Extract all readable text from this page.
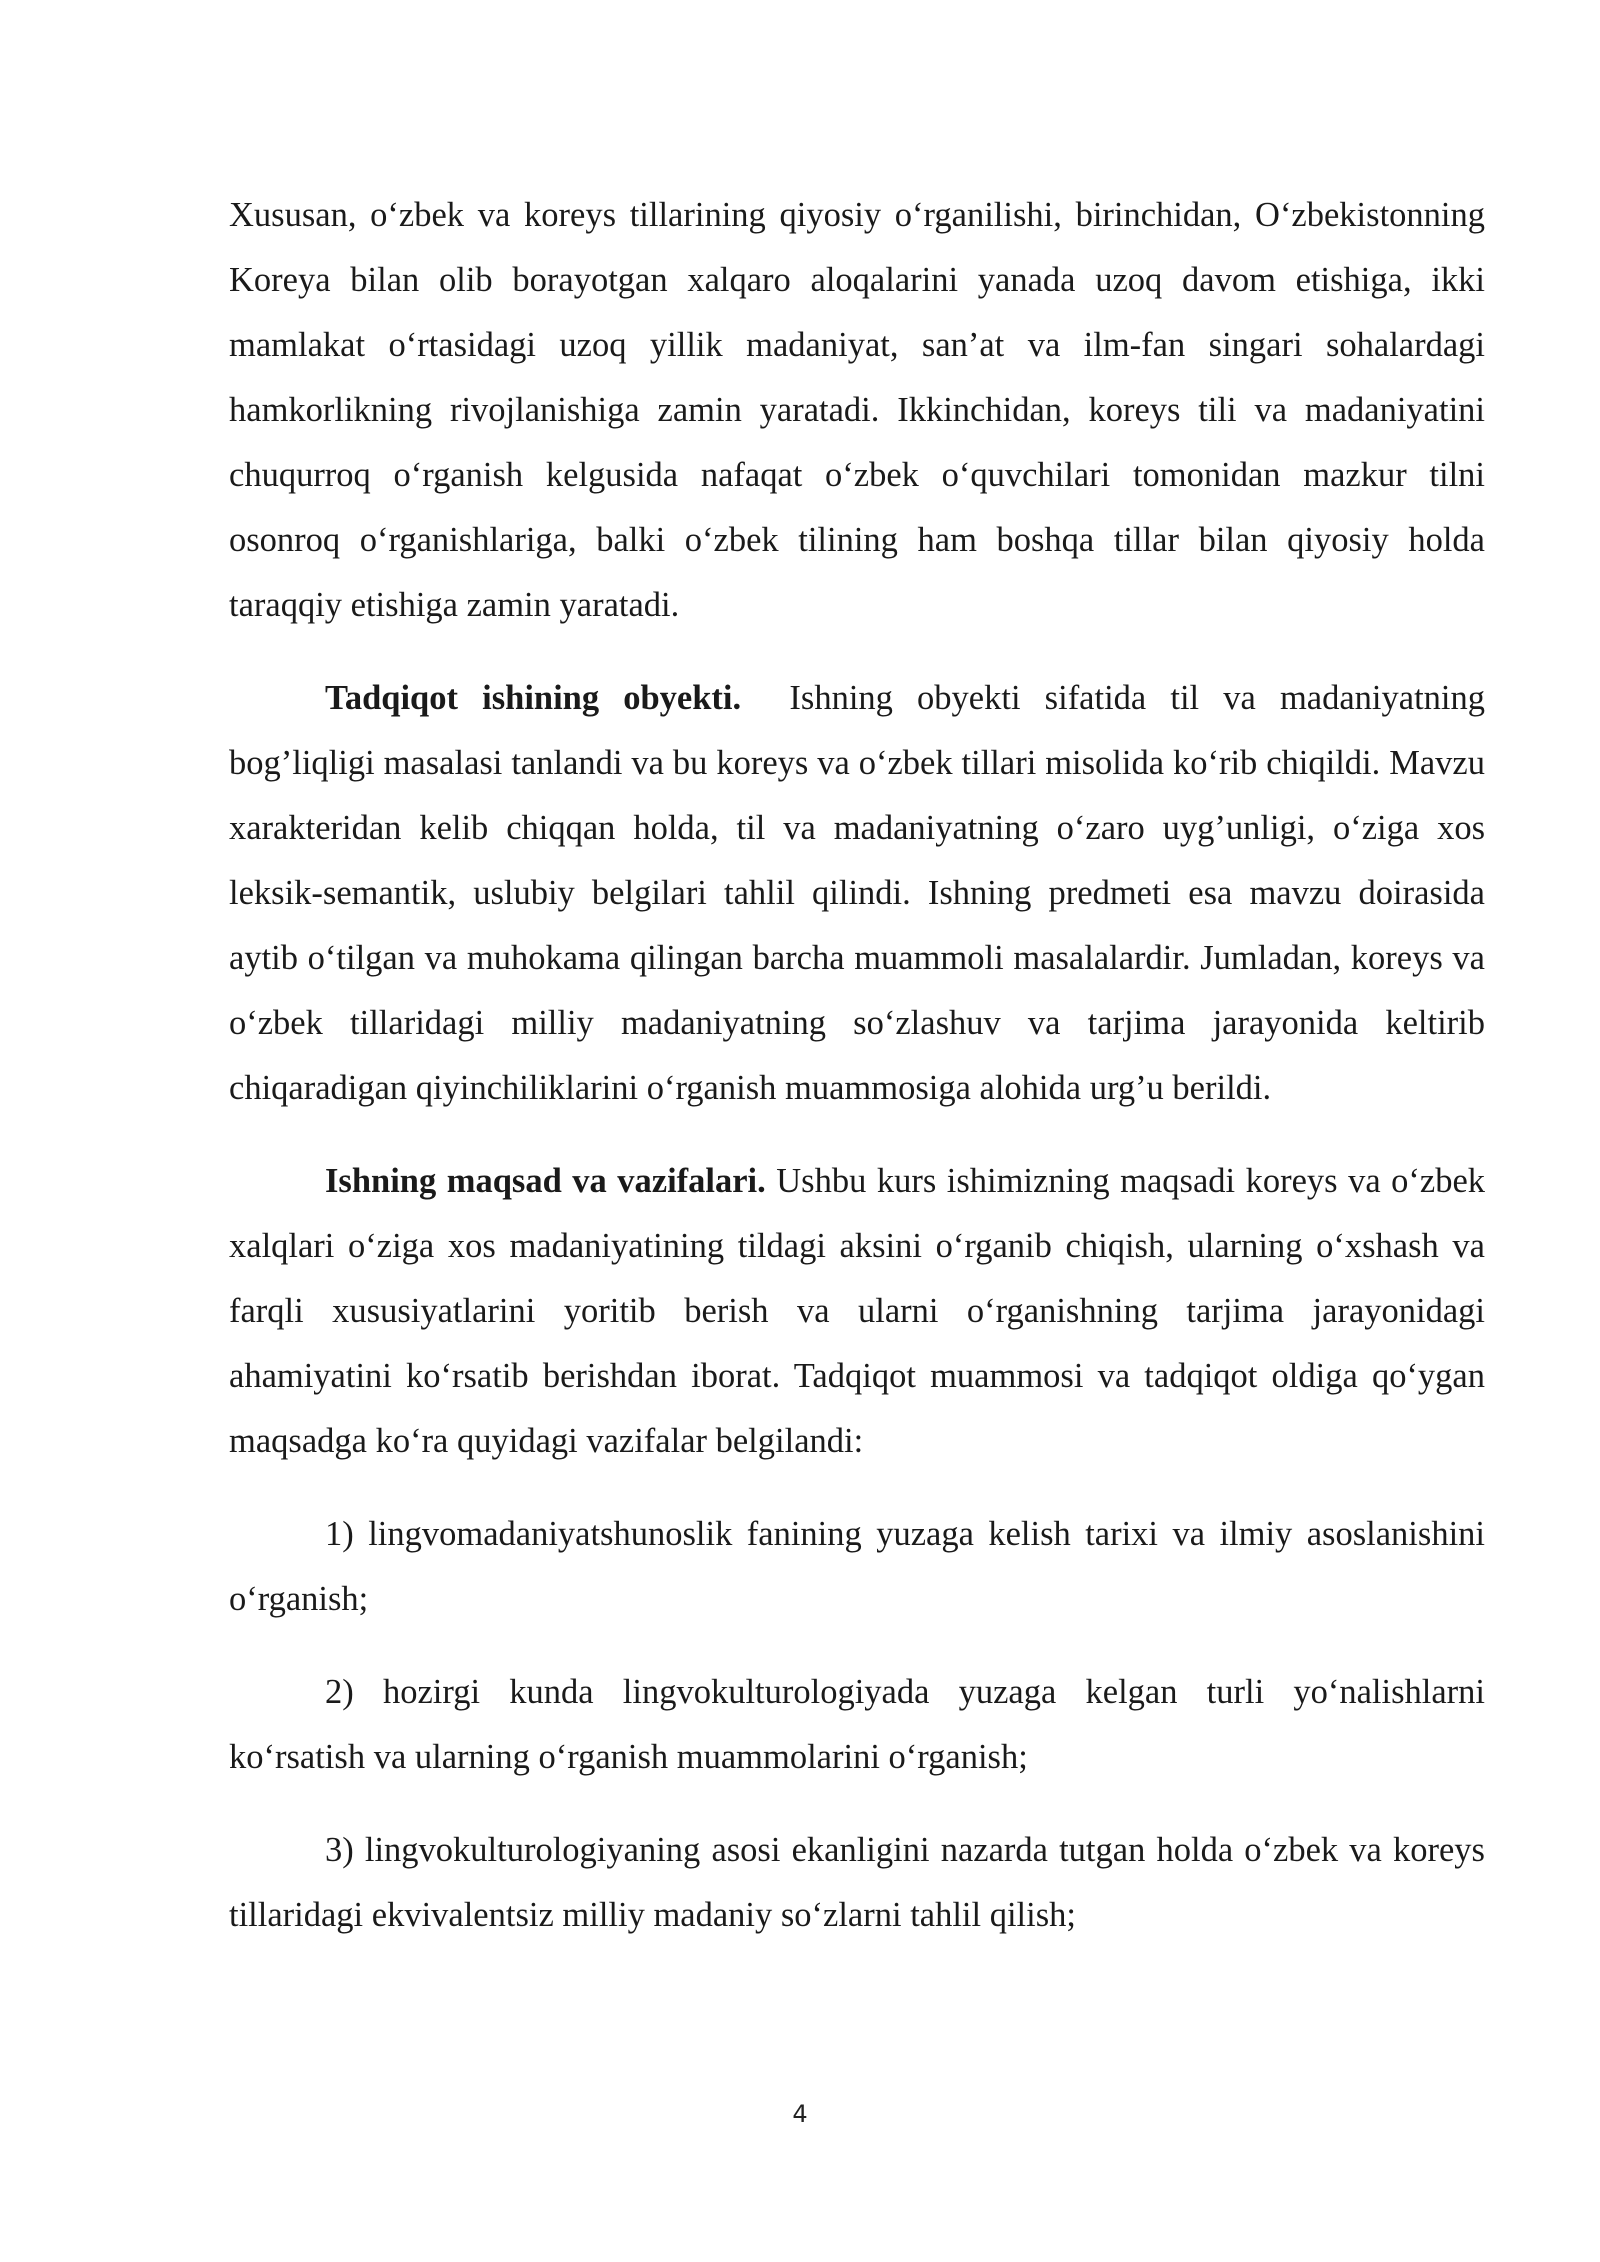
Xususan, o‘zbek va koreys tillarining qiyosiy o‘rganilishi, birinchidan, O‘zbekistonning Koreya bilan olib borayotgan xalqaro aloqalarini yanada uzoq davom etishiga, ikki mamlakat o‘rtasidagi uzoq yillik madaniyat, san’at va ilm-fan singari sohalardagi hamkorlikning rivojlanishiga zamin yaratadi. Ikkinchidan, koreys tili va madaniyatini chuqurroq o‘rganish kelgusida nafaqat o‘zbek o‘quvchilari tomonidan mazkur tilni osonroq o‘rganishlariga, balki o‘zbek tilining ham boshqa tillar bilan qiyosiy holda taraqqiy etishiga zamin yaratadi.

Tadqiqot ishining obyekti. Ishning obyekti sifatida til va madaniyatning bog’liqligi masalasi tanlandi va bu koreys va o‘zbek tillari misolida ko‘rib chiqildi. Mavzu xarakteridan kelib chiqqan holda, til va madaniyatning o‘zaro uyg’unligi, o‘ziga xos leksik-semantik, uslubiy belgilari tahlil qilindi. Ishning predmeti esa mavzu doirasida aytib o‘tilgan va muhokama qilingan barcha muammoli masalalardir. Jumladan, koreys va o‘zbek tillaridagi milliy madaniyatning so‘zlashuv va tarjima jarayonida keltirib chiqaradigan qiyinchiliklarini o‘rganish muammosiga alohida urg’u berildi.

Ishning maqsad va vazifalari. Ushbu kurs ishimizning maqsadi koreys va o‘zbek xalqlari o‘ziga xos madaniyatining tildagi aksini o‘rganib chiqish, ularning o‘xshash va farqli xususiyatlarini yoritib berish va ularni o‘rganishning tarjima jarayonidagi ahamiyatini ko‘rsatib berishdan iborat. Tadqiqot muammosi va tadqiqot oldiga qo‘ygan maqsadga ko‘ra quyidagi vazifalar belgilandi:

1) lingvomadaniyatshunoslik fanining yuzaga kelish tarixi va ilmiy asoslanishini o‘rganish;

2) hozirgi kunda lingvokulturologiyada yuzaga kelgan turli yo‘nalishlarni ko‘rsatish va ularning o‘rganish muammolarini o‘rganish;

3) lingvokulturologiyaning asosi ekanligini nazarda tutgan holda o‘zbek va koreys tillaridagi ekvivalentsiz milliy madaniy so‘zlarni tahlil qilish;

4
